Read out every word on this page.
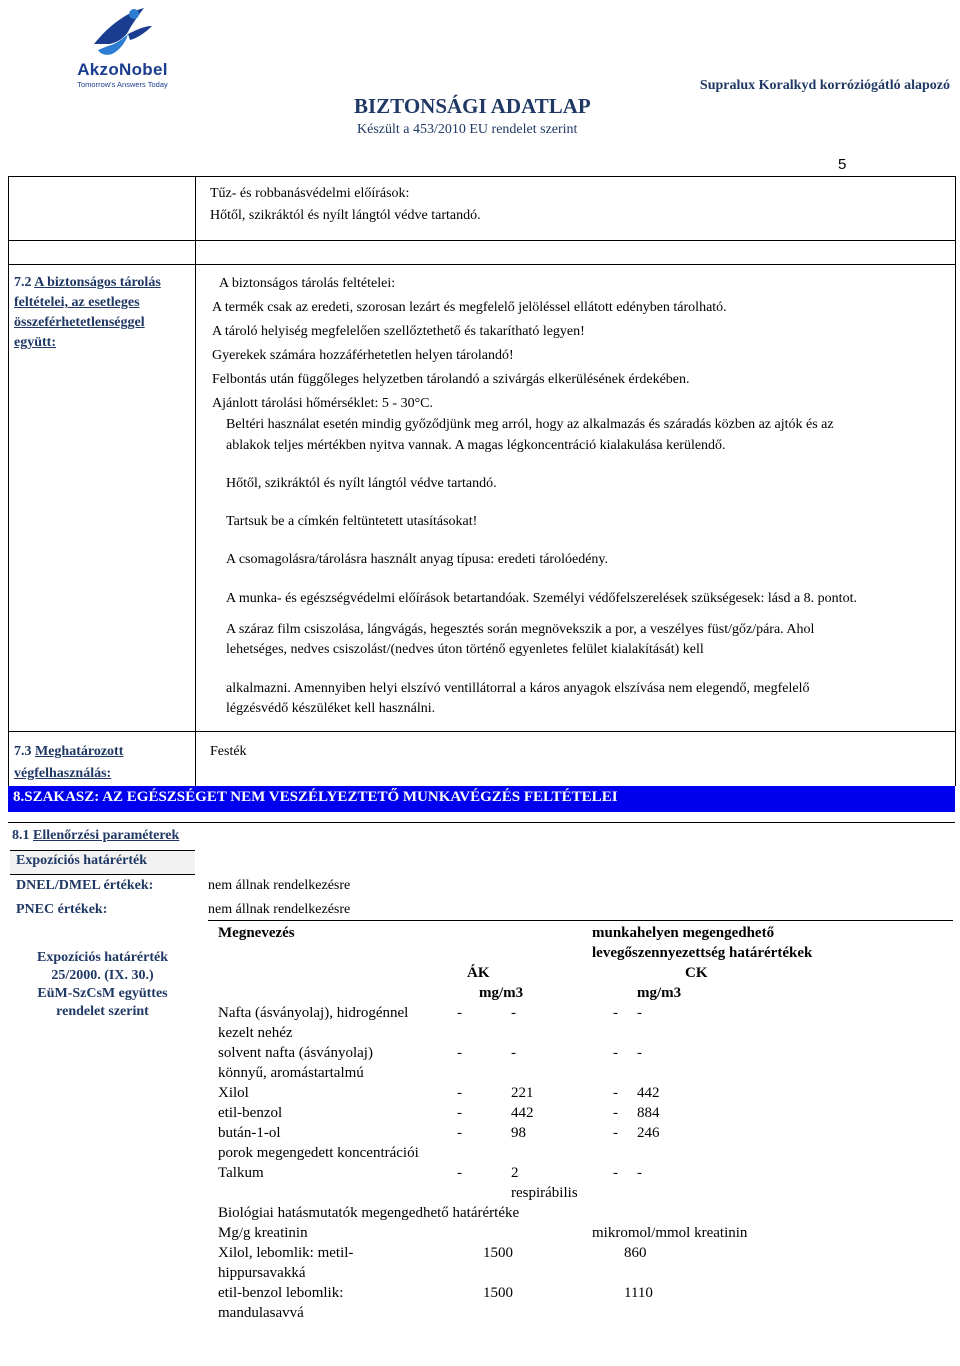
AkzoNobel
Tomorrow's Answers Today	Supralux Koralkyd korróziógátló alapozó
BIZTONSÁGI ADATLAP
Készült a 453/2010 EU rendelet szerint
5
Tűz- és robbanásvédelmi előírások:
Hőtől, szikráktól és nyílt lángtól védve tartandó.
7.2 A biztonságos tárolás
feltételei, az esetleges
összeférhetetlenséggel
együtt:
A biztonságos tárolás feltételei:
A termék csak az eredeti, szorosan lezárt és megfelelő jelöléssel ellátott edényben tárolható.
A tároló helyiség megfelelően szellőztethető és takarítható legyen!
Gyerekek számára hozzáférhetetlen helyen tárolandó!
Felbontás után függőleges helyzetben tárolandó a szivárgás elkerülésének érdekében.
Ajánlott tárolási hőmérséklet: 5 - 30°C.
Beltéri használat esetén mindig győződjünk meg arról, hogy az alkalmazás és száradás közben az ajtók és az
ablakok teljes mértékben nyitva vannak. A magas légkoncentráció kialakulása kerülendő.
Hőtől, szikráktól és nyílt lángtól védve tartandó.
Tartsuk be a címkén feltüntetett utasításokat!
A csomagolásra/tárolásra használt anyag típusa: eredeti tárolóedény.
A munka- és egészségvédelmi előírások betartandóak. Személyi védőfelszerelések szükségesek: lásd a 8. pontot.
A száraz film csiszolása, lángvágás, hegesztés során megnövekszik a por, a veszélyes füst/gőz/pára. Ahol
lehetséges, nedves csiszolást/(nedves úton történő egyenletes felület kialakítását) kell
alkalmazni. Amennyiben helyi elszívó ventillátorral a káros anyagok elszívása nem elegendő, megfelelő
légzésvédő készüléket kell használni.
7.3 Meghatározott
végfelhasználás:
Festék
8.SZAKASZ: AZ EGÉSZSÉGET NEM VESZÉLYEZTETŐ MUNKAVÉGZÉS FELTÉTELEI
8.1 Ellenőrzési paraméterek
Expozíciós határérték
DNEL/DMEL értékek:	nem állnak rendelkezésre
PNEC értékek:	nem állnak rendelkezésre
Expozíciós határérték
25/2000. (IX. 30.)
EüM-SzCsM együttes
rendelet szerint
Megnevezés	munkahelyen megengedhető
levegőszennyezettség határértékek
ÁK	CK
mg/m3	mg/m3
Nafta (ásványolaj), hidrogénnel
kezelt nehéz
-	-	- -
solvent nafta (ásványolaj)
könnyű, aromástartalmú
-	-	- -
Xilol	-	221	- 442
etil-benzol	-	442	- 884
bután-1-ol	-	98	- 246
porok megengedett koncentrációi
Talkum	-	2	- -
respirábilis
Biológiai hatásmutatók megengedhető határértéke
Mg/g kreatinin	mikromol/mmol kreatinin
Xilol, lebomlik: metil-
hippursavakká
1500	860
etil-benzol lebomlik:
mandulasavvá
1500	1110
